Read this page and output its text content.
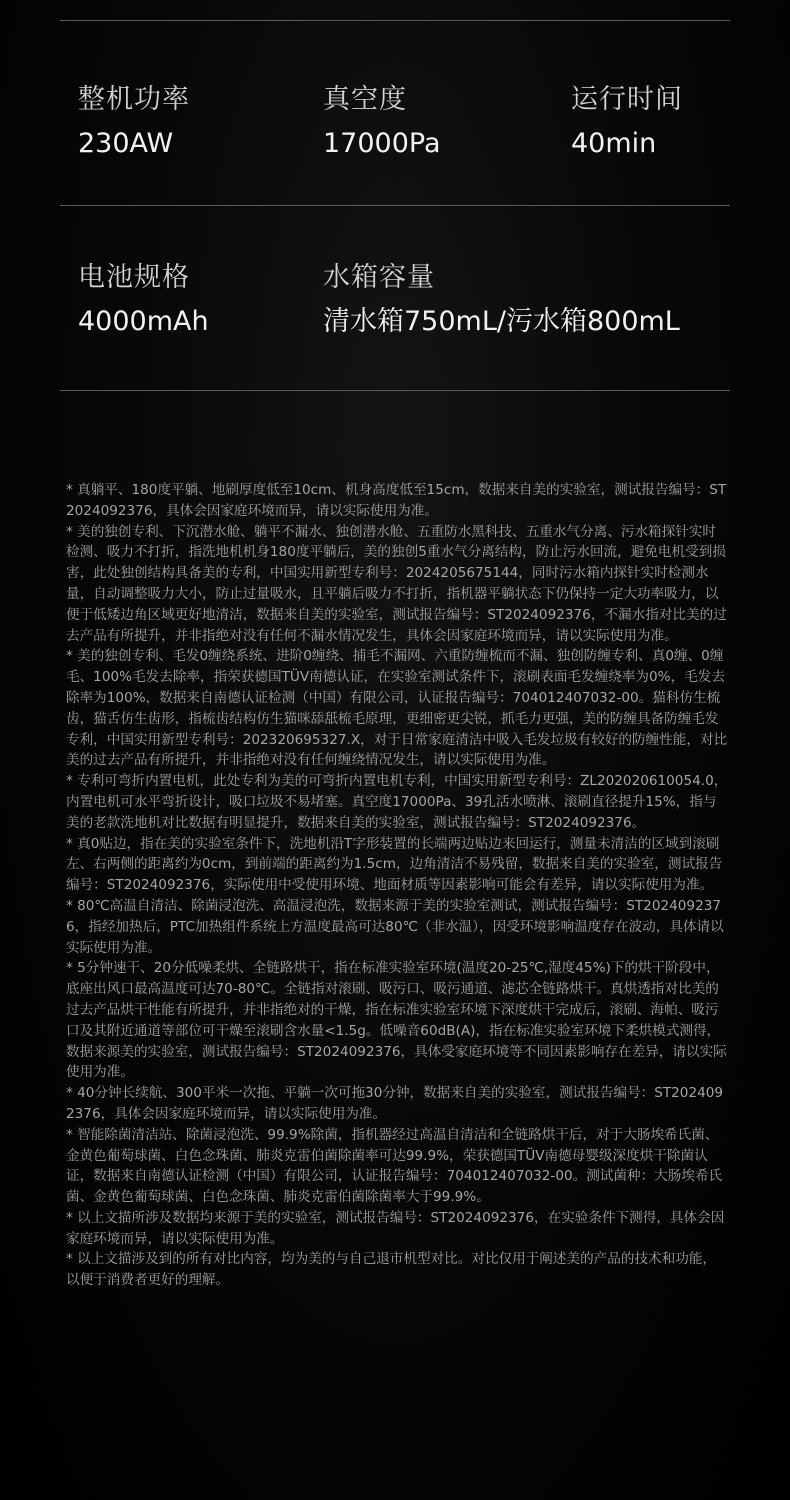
整机功率
230AW
真空度
17000Pa
运行时间
40min
电池规格
4000mAh
水箱容量
清水箱750mL/污水箱800mL

* 真躺平、180度平躺、地刷厚度低至10cm、机身高度低至15cm，数据来自美的实验室，测试报告编号：ST2024092376，具体会因家庭环境而异，请以实际使用为准。

* 美的独创专利、下沉潜水舱、躺平不漏水、独创潜水舱、五重防水黑科技、五重水气分离、污水箱探针实时检测、吸力不打折，指洗地机机身180度平躺后，美的独创5重水气分离结构，防止污水回流，避免电机受到损害，此处独创结构具备美的专利，中国实用新型专利号：2024205675144，同时污水箱内探针实时检测水量，自动调整吸力大小，防止过量吸水，且平躺后吸力不打折，指机器平躺状态下仍保持一定大功率吸力，以便于低矮边角区域更好地清洁，数据来自美的实验室，测试报告编号：ST2024092376，不漏水指对比美的过去产品有所提升，并非指绝对没有任何不漏水情况发生，具体会因家庭环境而异，请以实际使用为准。

* 美的独创专利、毛发0缠绕系统、进阶0缠绕、捕毛不漏网、六重防缠梳而不漏、独创防缠专利、真0缠、0缠毛、100%毛发去除率，指荣获德国TÜV南德认证，在实验室测试条件下，滚刷表面毛发缠绕率为0%，毛发去除率为100%，数据来自南德认证检测（中国）有限公司，认证报告编号：704012407032-00。猫科仿生梳齿，猫舌仿生齿形，指梳齿结构仿生猫咪舔舐梳毛原理，更细密更尖锐，抓毛力更强，美的防缠具备防缠毛发专利，中国实用新型专利号：202320695327.X，对于日常家庭清洁中吸入毛发垃圾有较好的防缠性能，对比美的过去产品有所提升，并非指绝对没有任何缠绕情况发生，请以实际使用为准。

* 专利可弯折内置电机，此处专利为美的可弯折内置电机专利，中国实用新型专利号：ZL202020610054.0，内置电机可水平弯折设计，吸口垃圾不易堵塞。真空度17000Pa、39孔活水喷淋、滚刷直径提升15%，指与美的老款洗地机对比数据有明显提升，数据来自美的实验室，测试报告编号：ST2024092376。

* 真0贴边，指在美的实验室条件下，洗地机沿T字形装置的长端两边贴边来回运行，测量未清洁的区域到滚刷左、右两侧的距离约为0cm，到前端的距离约为1.5cm，边角清洁不易残留，数据来自美的实验室，测试报告编号：ST2024092376，实际使用中受使用环境、地面材质等因素影响可能会有差异，请以实际使用为准。

* 80℃高温自清洁、除菌浸泡洗、高温浸泡洗，数据来源于美的实验室测试，测试报告编号：ST2024092376，指经加热后，PTC加热组件系统上方温度最高可达80℃（非水温），因受环境影响温度存在波动，具体请以实际使用为准。

* 5分钟速干、20分低噪柔烘、全链路烘干，指在标准实验室环境(温度20-25℃,湿度45%)下的烘干阶段中，底座出风口最高温度可达70-80℃。全链指对滚刷、吸污口、吸污通道、滤芯全链路烘干。真烘透指对比美的过去产品烘干性能有所提升，并非指绝对的干燥，指在标准实验室环境下深度烘干完成后，滚刷、海帕、吸污口及其附近通道等部位可干燥至滚刷含水量<1.5g。低噪音60dB(A)，指在标准实验室环境下柔烘模式测得，数据来源美的实验室，测试报告编号：ST2024092376，具体受家庭环境等不同因素影响存在差异，请以实际使用为准。

* 40分钟长续航、300平米一次拖、平躺一次可拖30分钟，数据来自美的实验室，测试报告编号：ST2024092376，具体会因家庭环境而异，请以实际使用为准。

* 智能除菌清洁站、除菌浸泡洗、99.9%除菌，指机器经过高温自清洁和全链路烘干后，对于大肠埃希氏菌、金黄色葡萄球菌、白色念珠菌、肺炎克雷伯菌除菌率可达99.9%，荣获德国TÜV南德母婴级深度烘干除菌认证，数据来自南德认证检测（中国）有限公司，认证报告编号：704012407032-00。测试菌种：大肠埃希氏菌、金黄色葡萄球菌、白色念珠菌、肺炎克雷伯菌除菌率大于99.9%。

* 以上文描所涉及数据均来源于美的实验室，测试报告编号：ST2024092376，在实验条件下测得，具体会因家庭环境而异，请以实际使用为准。

* 以上文描涉及到的所有对比内容，均为美的与自己退市机型对比。对比仅用于阐述美的产品的技术和功能，以便于消费者更好的理解。
